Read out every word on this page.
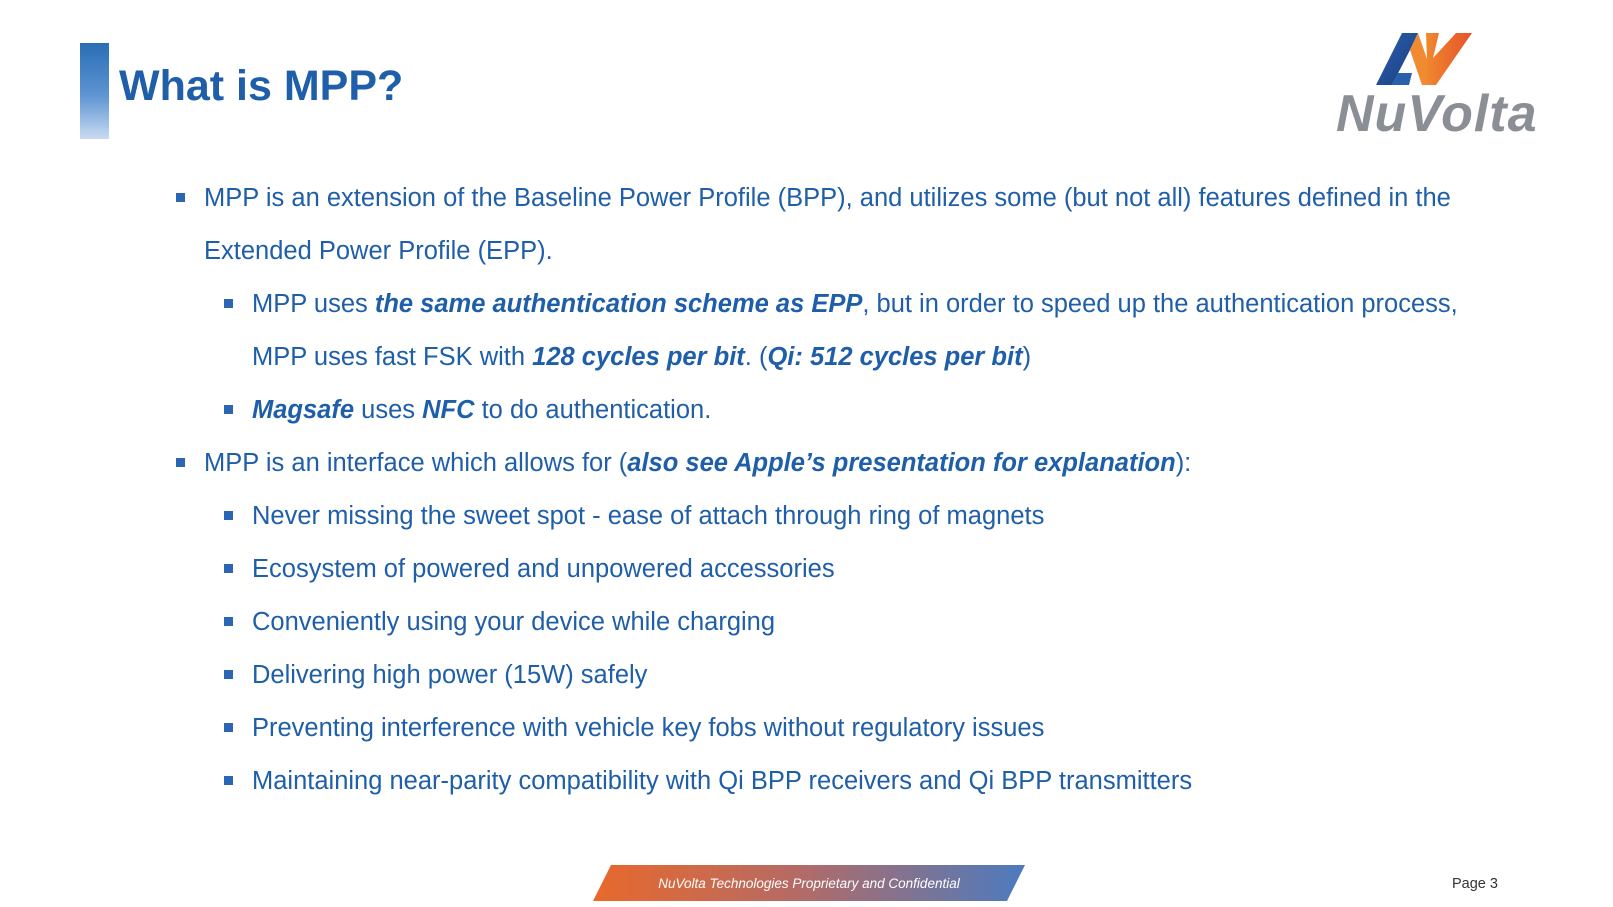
What is MPP?	NuVolta
MPP is an extension of the Baseline Power Profile (BPP), and utilizes some (but not all) features defined in the Extended Power Profile (EPP).
MPP uses the same authentication scheme as EPP, but in order to speed up the authentication process, MPP uses fast FSK with 128 cycles per bit. (Qi: 512 cycles per bit)
Magsafe uses NFC to do authentication.
MPP is an interface which allows for (also see Apple’s presentation for explanation):
Never missing the sweet spot - ease of attach through ring of magnets
Ecosystem of powered and unpowered accessories
Conveniently using your device while charging
Delivering high power (15W) safely
Preventing interference with vehicle key fobs without regulatory issues
Maintaining near-parity compatibility with Qi BPP receivers and Qi BPP transmitters
NuVolta Technologies Proprietary and Confidential	Page 3
